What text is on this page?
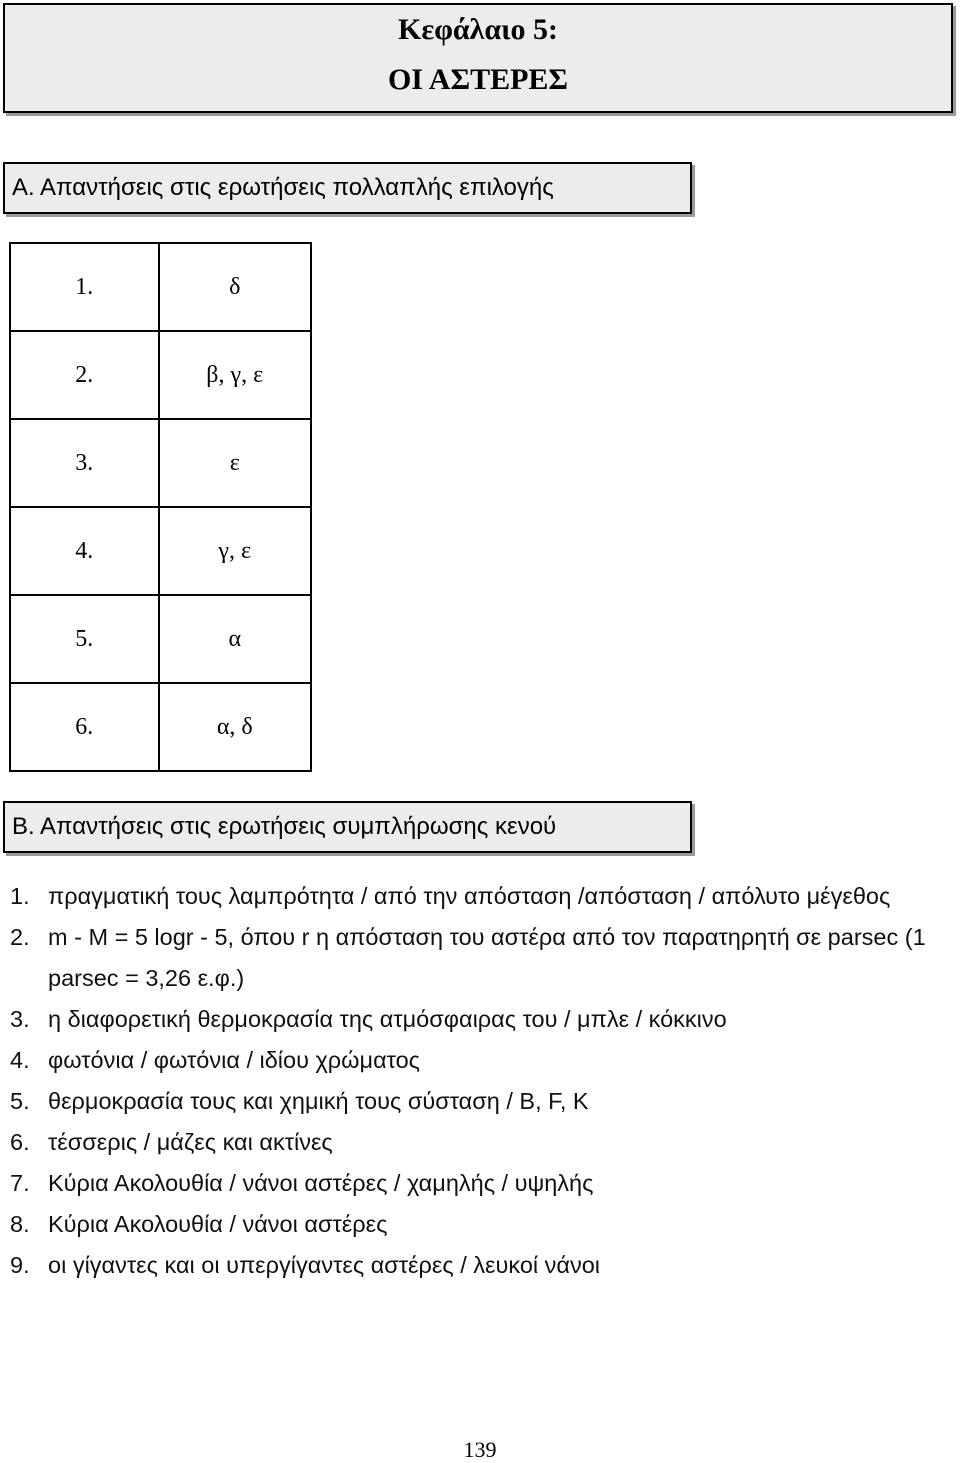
Κεφάλαιο 5:
ΟΙ ΑΣΤΕΡΕΣ
Α. Απαντήσεις στις ερωτήσεις πολλαπλής επιλογής
1.	δ
2.	β, γ, ε
3.	ε
4.	γ, ε
5.	α
6.	α, δ
Β. Απαντήσεις στις ερωτήσεις συμπλήρωσης κενού
1. πραγματική τους λαμπρότητα / από την απόσταση /απόσταση / απόλυτο μέγεθος
2. m - M = 5 logr - 5, όπου r η απόσταση του αστέρα από τον παρατηρητή σε parsec (1 parsec = 3,26 ε.φ.)
3. η διαφορετική θερμοκρασία της ατμόσφαιρας του / μπλε / κόκκινο
4. φωτόνια / φωτόνια / ιδίου χρώματος
5. θερμοκρασία τους και χημική τους σύσταση / B, F, K
6. τέσσερις / μάζες και ακτίνες
7. Κύρια Ακολουθία / νάνοι αστέρες / χαμηλής / υψηλής
8. Κύρια Ακολουθία / νάνοι αστέρες
9. οι γίγαντες και οι υπεργίγαντες αστέρες / λευκοί νάνοι
139
